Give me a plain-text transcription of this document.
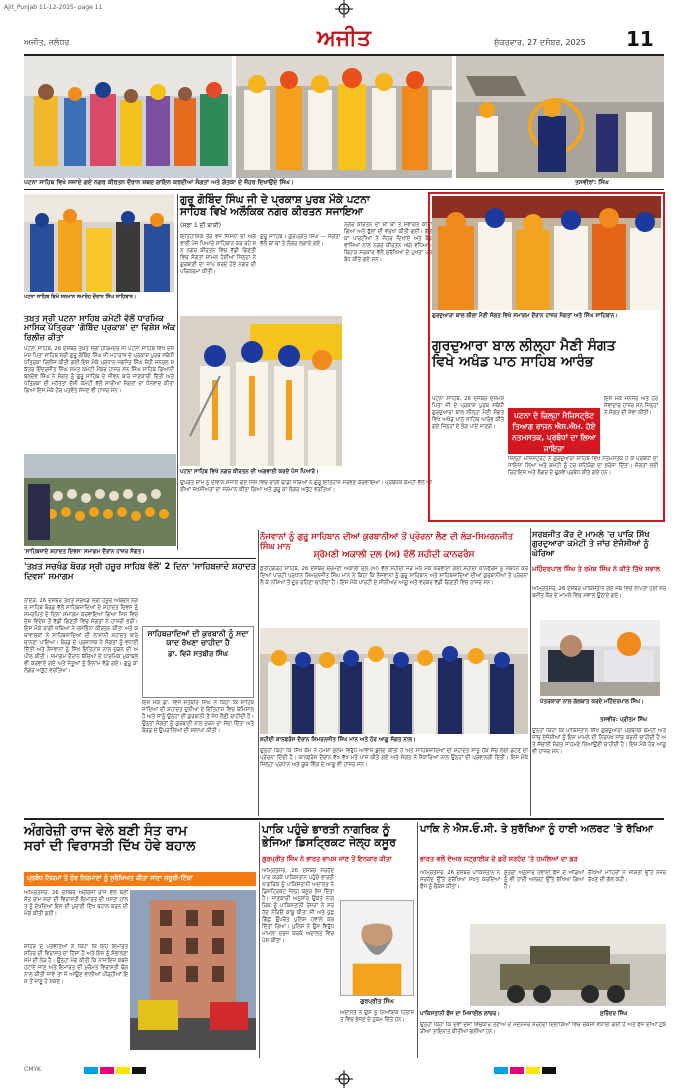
Ajit_Punjab 11-12-2025- page 11
ਅਜੀਤ, ਜਲੰਧਰ	ਅਜੀਤ	ਸ਼ੁੱਕਰਵਾਰ, 27 ਦਸੰਬਰ, 2025 11
ਪਟਨਾ ਸਾਹਿਬ ਵਿਖੇ ਸਜਾਏ ਗਏ ਨਗਰ ਕੀਰਤਨ ਦੌਰਾਨ ਸ਼ਬਦ ਗਾਇਨ ਕਰਦੀਆਂ ਸੰਗਤਾਂ ਅਤੇ ਗੱਤਕਾ ਦੇ ਜੌਹਰ ਦਿਖਾਉਂਦੇ ਸਿੰਘ।	ਤਸਵੀਰਾਂ: ਸਿੰਘ
ਪਟਨਾ ਸਾਹਿਬ ਵਿਖੇ ਸਨਮਾਨ ਸਮਾਰੋਹ ਦੌਰਾਨ ਸਿੰਘ ਸਾਹਿਬਾਨ।
ਤਖ਼ਤ ਸ੍ਰੀ ਪਟਨਾ ਸਾਹਿਬ ਕਮੇਟੀ ਵੱਲੋਂ ਧਾਰਮਿਕ ਮਾਸਿਕ ਪੱਤ੍ਰਿਕਾ 'ਗੋਬਿੰਦ ਪ੍ਰਕਾਸ਼' ਦਾ ਵਿਸ਼ੇਸ਼ ਅੰਕ ਰਿਲੀਜ਼ ਕੀਤਾ
ਪਟਨਾ ਸਾਹਿਬ, 26 ਦਸੰਬਰ ਤਖ਼ਤ ਸ੍ਰੀ ਹਰਿਮੰਦਰ ਜੀ ਪਟਨਾ ਸਾਹਿਬ ਵਿਖੇ ਦਸਮੇਸ਼ ਪਿਤਾ ਸਾਹਿਬ ਸ੍ਰੀ ਗੁਰੂ ਗੋਬਿੰਦ ਸਿੰਘ ਜੀ ਮਹਾਰਾਜ ਦੇ ਪ੍ਰਕਾਸ਼ ਪੁਰਬ ਸਬੰਧੀ ਪੱਤ੍ਰਿਕਾ ਰਿਲੀਜ਼ ਕੀਤੀ ਗਈ ਇਸ ਮੌਕੇ ਪ੍ਰਧਾਨ ਜਗਜੋਤ ਸਿੰਘ ਸੋਹੀ ਜਨਰਲ ਸਕੱਤਰ ਇੰਦਰਜੀਤ ਸਿੰਘ ਸਮੇਤ ਕਮੇਟੀ ਮੈਂਬਰ ਹਾਜ਼ਰ ਸਨ ਸਿੰਘ ਸਾਹਿਬ ਗਿਆਨੀ ਬਲਦੇਵ ਸਿੰਘ ਨੇ ਸੰਗਤ ਨੂੰ ਗੁਰੂ ਸਾਹਿਬ ਦੇ ਜੀਵਨ ਬਾਰੇ ਜਾਣਕਾਰੀ ਦਿੱਤੀ ਅਤੇ ਪੱਤ੍ਰਿਕਾ ਦੀ ਮਹੱਤਤਾ ਦੱਸੀ ਕਮੇਟੀ ਵੱਲੋਂ ਸਾਰੀਆਂ ਸੰਗਤਾਂ ਦਾ ਧੰਨਵਾਦ ਕੀਤਾ ਗਿਆ ਇਸ ਮੌਕੇ ਹੋਰ ਪਤਵੰਤੇ ਸੱਜਣ ਵੀ ਹਾਜ਼ਰ ਸਨ।
'ਸਾਹਿਬਜ਼ਾਦੇ ਸ਼ਹਾਦਤ ਦਿਵਸ' ਸਮਾਗਮ ਦੌਰਾਨ ਹਾਜ਼ਰ ਸੰਗਤ।
ਗੁਰੂ ਗੋਬਿੰਦ ਸਿੰਘ ਜੀ ਦੇ ਪ੍ਰਕਾਸ਼ ਪੁਰਬ ਮੌਕੇ ਪਟਨਾ
ਸਾਹਿਬ ਵਿਖੇ ਅਲੌਕਿਕ ਨਗਰ ਕੀਰਤਨ ਸਜਾਇਆ
(ਸਫ਼ਾ 1 ਦੀ ਬਾਕੀ)
ਇਤਿਹਾਸਿਕ ਤੌਰ ਵਜੋਂ ਜਿਸਨਾਂ ਦੀ ਅਗਵਾਈ ਪੰਜ ਪਿਆਰੇ ਸਾਹਿਬਾਨ ਕਰ ਰਹੇ ਸਨ ਨਗਰ ਕੀਰਤਨ ਵਿਚ ਵੱਡੀ ਗਿਣਤੀ ਵਿਚ ਸੰਗਤਾਂ ਸ਼ਾਮਲ ਹੋਈਆਂ ਜਿਨ੍ਹਾਂ ਨੇ ਗੁਰਬਾਣੀ ਦਾ ਜਾਪ ਕਰਦੇ ਹੋਏ ਨਗਰ ਦੀ ਪਰਿਕਰਮਾ ਕੀਤੀ।
ਗੁਰੂ ਸਾਹਿਬ / ਗੁਰਪ੍ਰੀਤ ਸਿੰਘ — ਸੰਗਤਾਂ ਵੱਲੋਂ ਥਾਂ ਥਾਂ ਤੇ ਲੰਗਰ ਲਗਾਏ ਗਏ।
ਨਗਰ ਕੀਰਤਨ ਦਾ ਥਾਂ ਥਾਂ ਤੇ ਸਵਾਗਤ ਕੀਤਾ ਗਿਆ ਅਤੇ ਫੁੱਲਾਂ ਦੀ ਵਰਖਾ ਕੀਤੀ ਗਈ। ਗੱਤਕਾ ਪਾਰਟੀਆਂ ਨੇ ਜੌਹਰ ਦਿਖਾਏ ਅਤੇ ਬੈਂਡ ਵਾਜਿਆਂ ਨਾਲ ਨਗਰ ਕੀਰਤਨ ਅੱਗੇ ਵਧਿਆ। ਬਿਹਾਰ ਸਰਕਾਰ ਵੱਲੋਂ ਸੁਰੱਖਿਆ ਦੇ ਪੁਖਤਾ ਪ੍ਰਬੰਧ ਕੀਤੇ ਗਏ ਸਨ।
ਪਟਨਾ ਸਾਹਿਬ ਵਿਖੇ ਨਗਰ ਕੀਰਤਨ ਦੀ ਅਗਵਾਈ ਕਰਦੇ ਪੰਜ ਪਿਆਰੇ।
ਉਪਰੰਤ ਸ਼ਾਮ ਨੂੰ ਦੀਵਾਨ ਸਜਾਏ ਗਏ ਜਿਸ ਵਿਚ ਰਾਗੀ ਢਾਡੀ ਜਥਿਆਂ ਨੇ ਗੁਰੂ ਇਤਿਹਾਸ ਸਰਵਣ ਕਰਵਾਇਆ। ਪ੍ਰਬੰਧਕ ਕਮੇਟੀ ਵੱਲੋਂ ਆਈਆਂ ਸ਼ਖਸੀਅਤਾਂ ਦਾ ਸਨਮਾਨ ਕੀਤਾ ਗਿਆ ਅਤੇ ਗੁਰੂ ਕਾ ਲੰਗਰ ਅਤੁੱਟ ਵਰਤਿਆ।
ਗੁਰਦੁਆਰਾ ਬਾਲ ਲੀਲਾ ਮੈਣੀ ਸੰਗਤ ਵਿਖੇ ਸਮਾਗਮ ਦੌਰਾਨ ਹਾਜ਼ਰ ਸੰਗਤਾਂ ਅਤੇ ਸਿੰਘ ਸਾਹਿਬਾਨ।
ਗੁਰਦੁਆਰਾ ਬਾਲ ਲੀਲ੍ਹਾ ਮੈਣੀ ਸੰਗਤ
ਵਿਖੇ ਅਖੰਡ ਪਾਠ ਸਾਹਿਬ ਆਰੰਭ
ਪਟਨਾ ਸਾਹਿਬ, 26 ਦਸੰਬਰ ਦਸਮੇਸ਼ ਪਿਤਾ ਜੀ ਦੇ ਪ੍ਰਕਾਸ਼ ਪੁਰਬ ਸਬੰਧੀ ਗੁਰਦੁਆਰਾ ਬਾਲ ਲੀਲ੍ਹਾ ਮੈਣੀ ਸੰਗਤ ਵਿਖੇ ਅਖੰਡ ਪਾਠ ਸਾਹਿਬ ਆਰੰਭ ਕੀਤੇ ਗਏ ਜਿਨ੍ਹਾਂ ਦੇ ਭੋਗ ਪਾਏ ਜਾਣਗੇ।
ਪਟਨਾ ਦੇ ਜ਼ਿਲ੍ਹਾ ਮੈਜਿਸਟ੍ਰੇਟ ਤਿਆਗ ਰਾਜਨ ਐਸ.ਐਮ. ਹੋਏ ਨਤਮਸਤਕ, ਪ੍ਰਬੰਧਾਂ ਦਾ ਲਿਆ ਜਾਇਜ਼ਾ
ਜ਼ਿਲ੍ਹਾ ਮੈਜਿਸਟ੍ਰੇਟ ਨੇ ਗੁਰਦੁਆਰਾ ਸਾਹਿਬ ਵਿਖੇ ਨਤਮਸਤਕ ਹੋ ਕੇ ਪ੍ਰਬੰਧਾਂ ਦਾ ਜਾਇਜ਼ਾ ਲਿਆ ਅਤੇ ਕਮੇਟੀ ਨੂੰ ਹਰ ਸਹਿਯੋਗ ਦਾ ਭਰੋਸਾ ਦਿੱਤਾ। ਸੰਗਤਾਂ ਲਈ ਰਿਹਾਇਸ਼ ਅਤੇ ਲੰਗਰ ਦੇ ਢੁਕਵੇਂ ਪ੍ਰਬੰਧ ਕੀਤੇ ਗਏ ਹਨ।
ਇਸ ਮੌਕੇ ਮੈਨੇਜਰ ਅਤੇ ਹੋਰ ਸੇਵਾਦਾਰ ਹਾਜ਼ਰ ਸਨ ਜਿਨ੍ਹਾਂ ਨੇ ਸੰਗਤ ਦੀ ਸੇਵਾ ਕੀਤੀ।
'ਤਖ਼ਤ ਸਚਖੰਡ ਬੋਰਡ ਸ੍ਰੀ ਹਜ਼ੂਰ ਸਾਹਿਬ ਵੱਲੋਂ' 2 ਦਿਨਾ 'ਸਾਹਿਬਜ਼ਾਦੇ ਸ਼ਹਾਦਤ ਦਿਵਸ' ਸਮਾਗਮ
ਨਾਂਦੇੜ, 26 ਦਸੰਬਰ ਤਖ਼ਤ ਸਚਖੰਡ ਸ੍ਰੀ ਹਜ਼ੂਰ ਅਬਚਲ ਨਗਰ ਸਾਹਿਬ ਬੋਰਡ ਵੱਲੋਂ ਸਾਹਿਬਜ਼ਾਦਿਆਂ ਦੇ ਸ਼ਹਾਦਤ ਦਿਵਸ ਨੂੰ ਸਮਰਪਿਤ ਦੋ ਦਿਨਾ ਸਮਾਗਮ ਕਰਵਾਇਆ ਗਿਆ ਜਿਸ ਵਿਚ ਦੇਸ਼ ਵਿਦੇਸ਼ ਤੋਂ ਵੱਡੀ ਗਿਣਤੀ ਵਿਚ ਸੰਗਤਾਂ ਨੇ ਹਾਜ਼ਰੀ ਭਰੀ। ਇਸ ਮੌਕੇ ਰਾਗੀ ਜਥਿਆਂ ਨੇ ਰਸਭਿੰਨਾ ਕੀਰਤਨ ਕੀਤਾ ਅਤੇ ਕਥਾਵਾਚਕਾਂ ਨੇ ਸਾਹਿਬਜ਼ਾਦਿਆਂ ਦੀ ਲਾਸਾਨੀ ਸ਼ਹਾਦਤ ਬਾਰੇ ਚਾਨਣਾ ਪਾਇਆ। ਬੋਰਡ ਦੇ ਪ੍ਰਸ਼ਾਸਕ ਨੇ ਸੰਗਤਾਂ ਨੂੰ ਵਧਾਈ ਦਿੱਤੀ ਅਤੇ ਨੌਜਵਾਨਾਂ ਨੂੰ ਸਿੱਖ ਇਤਿਹਾਸ ਨਾਲ ਜੁੜਨ ਦੀ ਅਪੀਲ ਕੀਤੀ। ਸਮਾਗਮ ਦੌਰਾਨ ਬੱਚਿਆਂ ਦੇ ਧਾਰਮਿਕ ਮੁਕਾਬਲੇ ਵੀ ਕਰਵਾਏ ਗਏ ਅਤੇ ਜੇਤੂਆਂ ਨੂੰ ਇਨਾਮ ਵੰਡੇ ਗਏ। ਗੁਰੂ ਕਾ ਲੰਗਰ ਅਤੁੱਟ ਵਰਤਿਆ।
ਸਾਹਿਬਜ਼ਾਦਿਆਂ ਦੀ ਕੁਰਬਾਨੀ ਨੂੰ ਸਦਾ ਯਾਦ ਰੱਖਣਾ ਚਾਹੀਦਾ ਹੈ
ਡਾ. ਵਿਜੇ ਸਤਬੀਰ ਸਿੰਘ
ਇਸ ਮੌਕੇ ਡਾ. ਵਿਜੇ ਸਤਬੀਰ ਸਿੰਘ ਨੇ ਕਿਹਾ ਕਿ ਸਾਹਿਬਜ਼ਾਦਿਆਂ ਦੀ ਸ਼ਹਾਦਤ ਦੁਨੀਆ ਦੇ ਇਤਿਹਾਸ ਵਿਚ ਬੇਮਿਸਾਲ ਹੈ ਅਤੇ ਸਾਨੂੰ ਉਨ੍ਹਾਂ ਦੀ ਕੁਰਬਾਨੀ ਤੋਂ ਸੇਧ ਲੈਣੀ ਚਾਹੀਦੀ ਹੈ। ਉਨ੍ਹਾਂ ਸੰਗਤਾਂ ਨੂੰ ਗੁਰਬਾਣੀ ਨਾਲ ਜੁੜਨ ਦਾ ਸੱਦਾ ਦਿੱਤਾ ਅਤੇ ਬੋਰਡ ਦੇ ਉਪਰਾਲਿਆਂ ਦੀ ਸ਼ਲਾਘਾ ਕੀਤੀ।
ਨੌਜਵਾਨਾਂ ਨੂੰ ਗੁਰੂ ਸਾਹਿਬਾਨ ਦੀਆਂ ਕੁਰਬਾਨੀਆਂ ਤੋਂ ਪ੍ਰੇਰਨਾ ਲੈਣ ਦੀ ਲੋੜ-ਸਿਮਰਨਜੀਤ ਸਿੰਘ ਮਾਨ
ਸ਼੍ਰੋਮਣੀ ਅਕਾਲੀ ਦਲ (ਅ) ਵੱਲੋਂ ਸ਼ਹੀਦੀ ਕਾਨਫਰੰਸ
ਫ਼ਤਹਿਗੜ੍ਹ ਸਾਹਿਬ, 26 ਦਸੰਬਰ ਸ਼੍ਰੋਮਣੀ ਅਕਾਲੀ ਦਲ (ਅ) ਵੱਲੋਂ ਸ਼ਹੀਦੀ ਜੋੜ ਮੇਲ ਮੌਕੇ ਕਰਵਾਈ ਗਈ ਸ਼ਹੀਦੀ ਕਾਨਫਰੰਸ ਨੂੰ ਸੰਬੋਧਨ ਕਰਦਿਆਂ ਪਾਰਟੀ ਪ੍ਰਧਾਨ ਸਿਮਰਨਜੀਤ ਸਿੰਘ ਮਾਨ ਨੇ ਕਿਹਾ ਕਿ ਨੌਜਵਾਨਾਂ ਨੂੰ ਗੁਰੂ ਸਾਹਿਬਾਨ ਅਤੇ ਸਾਹਿਬਜ਼ਾਦਿਆਂ ਦੀਆਂ ਕੁਰਬਾਨੀਆਂ ਤੋਂ ਪ੍ਰੇਰਨਾ ਲੈ ਕੇ ਨਸ਼ਿਆਂ ਤੋਂ ਦੂਰ ਰਹਿਣਾ ਚਾਹੀਦਾ ਹੈ। ਇਸ ਮੌਕੇ ਪਾਰਟੀ ਦੇ ਸੀਨੀਅਰ ਆਗੂ ਅਤੇ ਵਰਕਰ ਵੱਡੀ ਗਿਣਤੀ ਵਿਚ ਹਾਜ਼ਰ ਸਨ।
ਸ਼ਹੀਦੀ ਕਾਨਫਰੰਸ ਦੌਰਾਨ ਸਿਮਰਨਜੀਤ ਸਿੰਘ ਮਾਨ ਅਤੇ ਹੋਰ ਆਗੂ ਸੰਗਤ ਨਾਲ।
ਉਨ੍ਹਾਂ ਕਿਹਾ ਕਿ ਸਿੱਖ ਕੌਮ ਨੇ ਹਮੇਸ਼ਾ ਜ਼ੁਲਮ ਵਿਰੁੱਧ ਆਵਾਜ਼ ਬੁਲੰਦ ਕੀਤੀ ਹੈ ਅਤੇ ਸਾਹਿਬਜ਼ਾਦਿਆਂ ਦੀ ਸ਼ਹਾਦਤ ਸਾਨੂੰ ਹੱਕ ਸੱਚ ਲਈ ਡਟਣ ਦੀ ਪ੍ਰੇਰਨਾ ਦਿੰਦੀ ਹੈ। ਕਾਨਫਰੰਸ ਦੌਰਾਨ ਵੱਖ ਵੱਖ ਮਤੇ ਪਾਸ ਕੀਤੇ ਗਏ ਅਤੇ ਸੰਗਤ ਨੇ ਜੈਕਾਰਿਆਂ ਨਾਲ ਉਨ੍ਹਾਂ ਦੀ ਪ੍ਰਵਾਨਗੀ ਦਿੱਤੀ। ਇਸ ਮੌਕੇ ਜ਼ਿਲ੍ਹਾ ਪ੍ਰਧਾਨ ਅਤੇ ਯੂਥ ਵਿੰਗ ਦੇ ਆਗੂ ਵੀ ਹਾਜ਼ਰ ਸਨ।
ਸਰਬਜੀਤ ਕੌਰ ਦੇ ਮਾਮਲੇ 'ਚ ਪਾਕਿ ਸਿੱਖ ਗੁਰਦੁਆਰਾ ਕਮੇਟੀ ਤੇ ਜਾਂਚ ਏਜੰਸੀਆਂ ਨੂੰ ਘੇਰਿਆ
ਮਹਿੰਦਰਪਾਲ ਸਿੰਘ ਤੇ ਰਮੇਸ਼ ਸਿੰਘ ਨੇ ਕੀਤੇ ਤਿੱਖੇ ਸਵਾਲ
ਅੰਮ੍ਰਿਤਸਰ, 26 ਦਸੰਬਰ ਪਾਕਿਸਤਾਨ ਗਏ ਜਥੇ ਵਿਚੋਂ ਲਾਪਤਾ ਹੋਈ ਸਰਬਜੀਤ ਕੌਰ ਦੇ ਮਾਮਲੇ ਵਿਚ ਸਵਾਲ ਉਠਾਏ ਗਏ।
ਪੱਤਰਕਾਰਾਂ ਨਾਲ ਗੱਲਬਾਤ ਕਰਦੇ ਮਹਿੰਦਰਪਾਲ ਸਿੰਘ।
ਤਸਵੀਰ: ਪ੍ਰੀਤਮ ਸਿੰਘ
ਉਨ੍ਹਾਂ ਕਿਹਾ ਕਿ ਪਾਕਿਸਤਾਨ ਸਿੱਖ ਗੁਰਦੁਆਰਾ ਪ੍ਰਬੰਧਕ ਕਮੇਟੀ ਅਤੇ ਜਾਂਚ ਏਜੰਸੀਆਂ ਨੂੰ ਇਸ ਮਾਮਲੇ ਦੀ ਨਿਰਪੱਖ ਜਾਂਚ ਕਰਨੀ ਚਾਹੀਦੀ ਹੈ ਅਤੇ ਸੱਚਾਈ ਸੰਗਤ ਸਾਹਮਣੇ ਲਿਆਉਣੀ ਚਾਹੀਦੀ ਹੈ। ਇਸ ਮੌਕੇ ਹੋਰ ਆਗੂ ਵੀ ਹਾਜ਼ਰ ਸਨ।
ਅੰਗਰੇਜ਼ੀ ਰਾਜ ਵੇਲੇ ਬਣੀ ਸੰਤ ਰਾਮ
ਸਰਾਂ ਦੀ ਵਿਰਾਸਤੀ ਦਿੱਖ ਹੋਵੇ ਬਹਾਲ
ਪ੍ਰਬੰਧ ਨਿਯਮਾਂ ਤੇ ਹੋਰ ਨਿਰਮਾਣਾਂ ਨੂੰ ਸੁਰੱਖਿਅਤ ਕੀਤਾ ਜਾਣਾ ਜ਼ਰੂਰੀ-ਟਿੱਕਾ
ਅੰਮ੍ਰਿਤਸਰ, 26 ਦਸੰਬਰ ਅੰਗਰੇਜ਼ੀ ਰਾਜ ਵੇਲੇ ਬਣੀ ਸੰਤ ਰਾਮ ਸਰਾਂ ਦੀ ਵਿਰਾਸਤੀ ਇਮਾਰਤ ਦੀ ਖਸਤਾ ਹਾਲਤ ਨੂੰ ਦੇਖਦਿਆਂ ਇਸ ਦੀ ਪੁਰਾਣੀ ਦਿੱਖ ਬਹਾਲ ਕਰਨ ਦੀ ਮੰਗ ਕੀਤੀ ਗਈ।
ਸ਼ਹਿਰ ਦੇ ਪਤਵੰਤਿਆਂ ਨੇ ਕਿਹਾ ਕਿ ਇਹ ਇਮਾਰਤ ਸ਼ਹਿਰ ਦੀ ਵਿਰਾਸਤ ਦਾ ਹਿੱਸਾ ਹੈ ਅਤੇ ਇਸ ਨੂੰ ਸੰਭਾਲਣਾ ਸਮੇਂ ਦੀ ਲੋੜ ਹੈ। ਉਨ੍ਹਾਂ ਮੰਗ ਕੀਤੀ ਕਿ ਨਾਜਾਇਜ਼ ਕਬਜ਼ੇ ਹਟਾਏ ਜਾਣ ਅਤੇ ਇਮਾਰਤ ਦੀ ਮੁਰੰਮਤ ਵਿਰਾਸਤੀ ਢੰਗ ਨਾਲ ਕੀਤੀ ਜਾਵੇ ਤਾਂ ਜੋ ਆਉਣ ਵਾਲੀਆਂ ਪੀੜ੍ਹੀਆਂ ਇਸ ਤੋਂ ਜਾਣੂ ਹੋ ਸਕਣ।
ਪਾਕਿ ਪਹੁੰਚੇ ਭਾਰਤੀ ਨਾਗਰਿਕ ਨੂੰ
ਭੇਜਿਆ ਡਿਸਟ੍ਰਿਕਟ ਜੇਲ੍ਹ ਕਸੂਰ
ਗੁਰਪ੍ਰੀਤ ਸਿੰਘ ਨੇ ਭਾਰਤ ਵਾਪਸ ਜਾਣ ਤੋਂ ਇਨਕਾਰ ਕੀਤਾ
ਅੰਮ੍ਰਿਤਸਰ, 26 ਦਸੰਬਰ ਸਰਹੱਦ ਪਾਰ ਕਰਕੇ ਪਾਕਿਸਤਾਨ ਪਹੁੰਚੇ ਭਾਰਤੀ ਨਾਗਰਿਕ ਨੂੰ ਪਾਕਿਸਤਾਨੀ ਅਦਾਲਤ ਨੇ ਡਿਸਟ੍ਰਿਕਟ ਜੇਲ੍ਹ ਕਸੂਰ ਭੇਜ ਦਿੱਤਾ ਹੈ। ਜਾਣਕਾਰੀ ਅਨੁਸਾਰ ਉਕਤ ਨਾਗਰਿਕ ਨੂੰ ਪਾਕਿਸਤਾਨੀ ਰੇਂਜਰਾਂ ਨੇ ਸਰਹੱਦ ਨੇੜਿਓਂ ਕਾਬੂ ਕੀਤਾ ਸੀ ਅਤੇ ਪੁੱਛਗਿੱਛ ਉਪਰੰਤ ਪੁਲਿਸ ਹਵਾਲੇ ਕਰ ਦਿੱਤਾ ਗਿਆ। ਪੁਲਿਸ ਨੇ ਉਸ ਵਿਰੁੱਧ ਮਾਮਲਾ ਦਰਜ ਕਰਕੇ ਅਦਾਲਤ ਵਿਚ ਪੇਸ਼ ਕੀਤਾ।
ਗੁਰਪ੍ਰੀਤ ਸਿੰਘ
ਅਦਾਲਤ ਨੇ ਉਸ ਨੂੰ ਨਿਆਂਇਕ ਹਿਰਾਸਤ ਵਿਚ ਭੇਜਣ ਦੇ ਹੁਕਮ ਦਿੱਤੇ ਹਨ।
ਪਾਕਿ ਨੇ ਐਸ.ਓ.ਸੀ. ਤੇ ਸੁਰੱਖਿਆ ਨੂੰ ਹਾਈ ਅਲਰਟ 'ਤੇ ਰੱਖਿਆ
ਭਾਰਤ ਵਲੋਂ ਏਅਰ ਸਟ੍ਰਾਈਕ ਦੇ ਡਰੋਂ ਸਰਹੱਦ 'ਤੇ ਹਮਲਿਆਂ ਦਾ ਡਰ
ਅੰਮ੍ਰਿਤਸਰ, 26 ਦਸੰਬਰ ਪਾਕਿਸਤਾਨ ਨੇ ਸਰਹੱਦ ਉੱਤੇ ਸੁਰੱਖਿਆ ਸਖ਼ਤ ਕਰਦਿਆਂ ਫੌਜ ਨੂੰ ਚੌਕਸ ਕੀਤਾ।
ਸੂਤਰਾਂ ਅਨੁਸਾਰ ਹਵਾਈ ਫੌਜ ਦੇ ਅੱਡਿਆਂ ਨੂੰ ਵੀ ਹਾਈ ਅਲਰਟ ਉੱਤੇ ਰੱਖਿਆ ਗਿਆ ਹੈ।
ਰੱਖਿਆ ਮਾਹਿਰਾਂ ਨੇ ਸਥਿਤੀ ਉੱਤੇ ਨਜ਼ਰ ਰੱਖਣ ਦੀ ਗੱਲ ਕਹੀ।
ਪਾਕਿਸਤਾਨੀ ਫੌਜ ਦਾ ਮਿਜ਼ਾਈਲ ਲਾਂਚਰ।	ਸੁਰਿੰਦਰ ਸਿੰਘ
ਉਨ੍ਹਾਂ ਕਿਹਾ ਕਿ ਦੋਵਾਂ ਦੇਸ਼ਾਂ ਵਿਚਕਾਰ ਤਣਾਅ ਦੇ ਮੱਦੇਨਜ਼ਰ ਸਰਹੱਦੀ ਇਲਾਕਿਆਂ ਵਿਚ ਚੌਕਸੀ ਵਧਾਈ ਗਈ ਹੈ ਅਤੇ ਫੌਜ ਦੀਆਂ ਟੁਕੜੀਆਂ ਤਾਇਨਾਤ ਕੀਤੀਆਂ ਗਈਆਂ ਹਨ।
CMYK
